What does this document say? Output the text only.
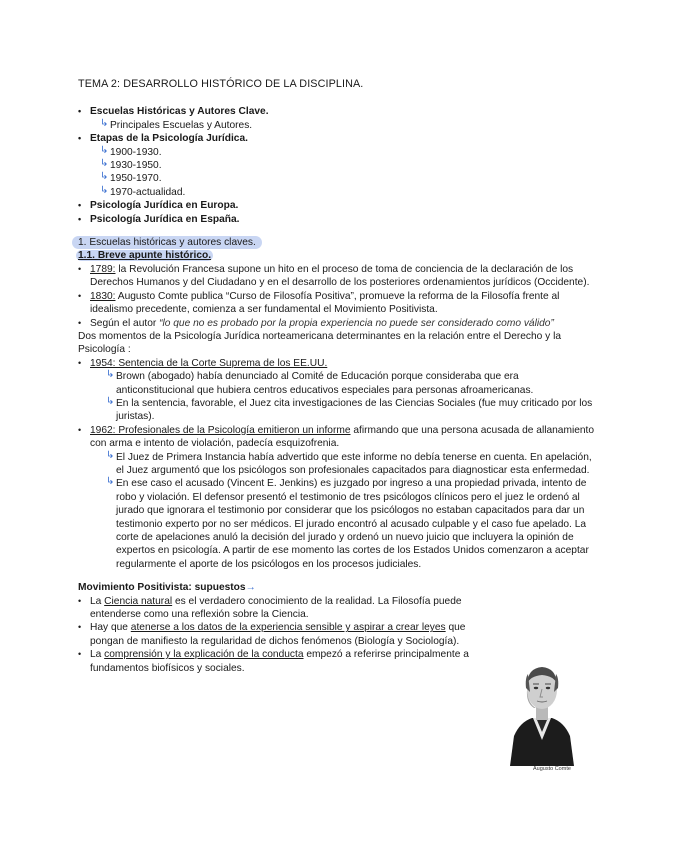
TEMA 2: DESARROLLO HISTÓRICO DE LA DISCIPLINA.
• Escuelas Históricas y Autores Clave.
↳ Principales Escuelas y Autores.
• Etapas de la Psicología Jurídica.
↳ 1900-1930.
↳ 1930-1950.
↳ 1950-1970.
↳ 1970-actualidad.
• Psicología Jurídica en Europa.
• Psicología Jurídica en España.
1. Escuelas históricas y autores claves.
1.1. Breve apunte histórico.
• 1789: la Revolución Francesa supone un hito en el proceso de toma de conciencia de la declaración de los Derechos Humanos y del Ciudadano y en el desarrollo de los posteriores ordenamientos jurídicos (Occidente).
• 1830: Augusto Comte publica “Curso de Filosofía Positiva”, promueve la reforma de la Filosofía frente al idealismo precedente, comienza a ser fundamental el Movimiento Positivista.
• Según el autor “lo que no es probado por la propia experiencia no puede ser considerado como válido”
Dos momentos de la Psicología Jurídica norteamericana determinantes en la relación entre el Derecho y la Psicología :
• 1954: Sentencia de la Corte Suprema de los EE.UU.
↳ Brown (abogado) había denunciado al Comité de Educación porque consideraba que era anticonstitucional que hubiera centros educativos especiales para personas afroamericanas.
↳ En la sentencia, favorable, el Juez cita investigaciones de las Ciencias Sociales (fue muy criticado por los juristas).
• 1962: Profesionales de la Psicología emitieron un informe afirmando que una persona acusada de allanamiento con arma e intento de violación, padecía esquizofrenia.
↳ El Juez de Primera Instancia había advertido que este informe no debía tenerse en cuenta. En apelación, el Juez argumentó que los psicólogos son profesionales capacitados para diagnosticar esta enfermedad.
↳ En ese caso el acusado (Vincent E. Jenkins) es juzgado por ingreso a una propiedad privada, intento de robo y violación. El defensor presentó el testimonio de tres psicólogos clínicos pero el juez le ordenó al jurado que ignorara el testimonio por considerar que los psicólogos no estaban capacitados para dar un testimonio experto por no ser médicos. El jurado encontró al acusado culpable y el caso fue apelado. La corte de apelaciones anuló la decisión del jurado y ordenó un nuevo juicio que incluyera la opinión de expertos en psicología. A partir de ese momento las cortes de los Estados Unidos comenzaron a aceptar regularmente el aporte de los psicólogos en los procesos judiciales.
Movimiento Positivista: supuestos→
• La Ciencia natural es el verdadero conocimiento de la realidad. La Filosofía puede entenderse como una reflexión sobre la Ciencia.
• Hay que atenerse a los datos de la experiencia sensible y aspirar a crear leyes que pongan de manifiesto la regularidad de dichos fenómenos (Biología y Sociología).
• La comprensión y la explicación de la conducta empezó a referirse principalmente a fundamentos biofísicos y sociales.
Augusto Comte
